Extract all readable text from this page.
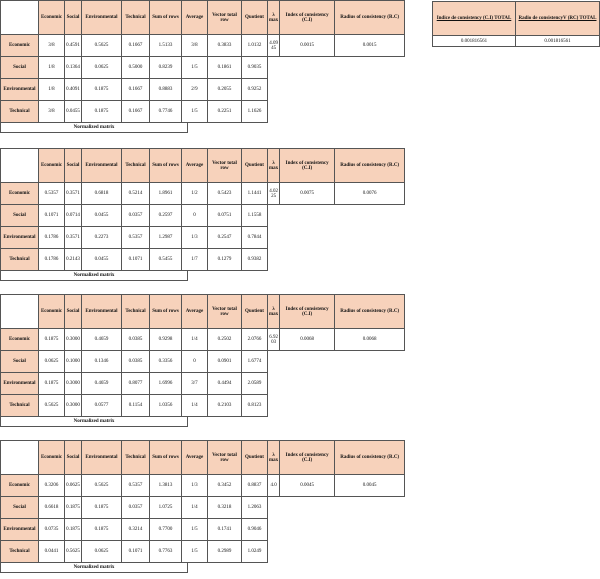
	Economic	Social	Environmental	Technical	Sum of rows	Average	Vector total row	Quotient	λ max	Index of consistency (C.I)	Radius of consistency (R.C)
Economic	3/8	0.4591	0.5625	0.1667	1.5133	3/8	0.3833	1.0132	4.0945	0.0015	0.0015
Social	1/8	0.1364	0.0625	0.5000	0.8239	1/5	0.1861	0.9035			
Environmental	1/8	0.4091	0.1875	0.1667	0.8883	2/9	0.2055	0.9252			
Technical	3/8	0.0455	0.1875	0.1667	0.7746	1/5	0.2251	1.1626			
Normalized matrix
	Economic	Social	Environmental	Technical	Sum of rows	Average	Vector total row	Quotient	λ max	Index of consistency (C.I)	Radius of consistency (R.C)
Economic	0.5357	0.3571	0.6818	0.5214	1.8961	1/2	0.5423	1.1441	4.0225	0.0075	0.0076
Social	0.1071	0.0714	0.0455	0.0357	0.2597	0	0.0751	1.1558			
Environmental	0.1786	0.3571	0.2273	0.5357	1.2987	1/3	0.2547	0.7844			
Technical	0.1786	0.2143	0.0455	0.1071	0.5455	1/7	0.1279	0.9382			
Normalized matrix
	Economic	Social	Environmental	Technical	Sum of rows	Average	Vector total row	Quotient	λ max	Index of consistency (C.I)	Radius of consistency (R.C)
Economic	0.1875	0.3000	0.4659	0.0385	0.9298	1/4	0.2502	2.0766	6.9203	0.0068	0.0068
Social	0.0625	0.1000	0.1346	0.0385	0.3356	0	0.0901	1.6774			
Environmental	0.1875	0.3000	0.4659	0.8077	1.6996	3/7	0.4494	2.0589			
Technical	0.5625	0.3000	0.0577	0.1154	1.0356	1/4	0.2103	0.8123			
Normalized matrix
	Economic	Social	Environmental	Technical	Sum of rows	Average	Vector total row	Quotient	λ max	Index of consistency (C.I)	Radius of consistency (R.C)
Economic	0.3206	0.0625	0.5625	0.5357	1.3813	1/3	0.3452	0.8837	4.0	0.0045	0.0045
Social	0.6618	0.1875	0.1875	0.0357	1.0725	1/4	0.3218	1.2063			
Environmental	0.0735	0.1875	0.1875	0.3214	0.7700	1/5	0.1741	0.9046			
Technical	0.0441	0.5625	0.0625	0.1071	0.7763	1/5	0.2989	1.0249			
Normalized matrix
Indice de consistency (C.I) TOTAL	Radio de consistencyV (RC) TOTAL
0.001816561	0.001816561
